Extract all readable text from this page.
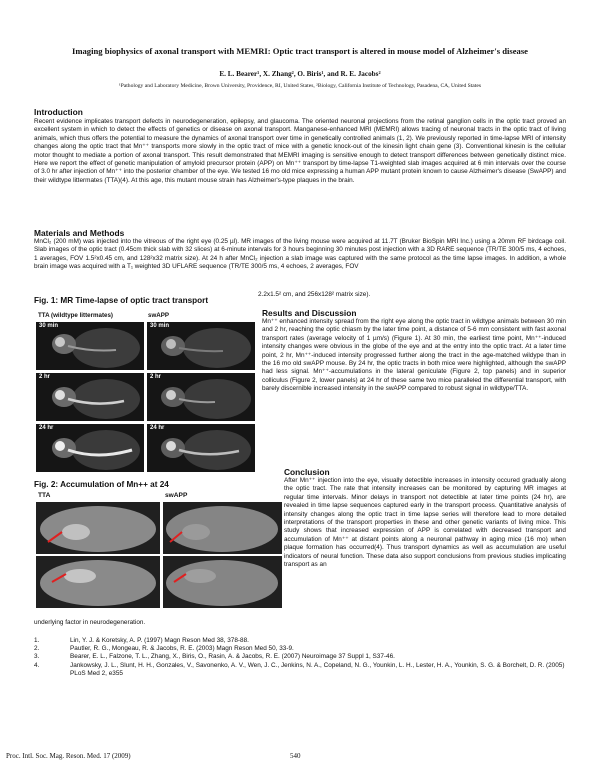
Imaging biophysics of axonal transport with MEMRI: Optic tract transport is altered in mouse model of Alzheimer's disease
E. L. Bearer¹, X. Zhang², O. Biris¹, and R. E. Jacobs²
¹Pathology and Laboratory Medicine, Brown University, Providence, RI, United States, ²Biology, California Institute of Technology, Pasadena, CA, United States
Introduction
Recent evidence implicates transport defects in neurodegeneration, epilepsy, and glaucoma. The oriented neuronal projections from the retinal ganglion cells in the optic tract proved an excellent system in which to detect the effects of genetics or disease on axonal transport. Manganese-enhanced MRI (MEMRI) allows tracing of neuronal tracts in the optic tract of living animals, which thus offers the potential to measure the dynamics of axonal transport over time in genetically controlled animals (1, 2). We previously reported in time-lapse MRI of intensity changes along the optic tract that Mn⁺⁺ transports more slowly in the optic tract of mice with a genetic knock-out of the kinesin light chain gene (3). Conventional kinesin is the cellular motor thought to mediate a portion of axonal transport. This result demonstrated that MEMRI imaging is sensitive enough to detect transport differences between genetically distinct mice. Here we report the effect of genetic manipulation of amyloid precursor protein (APP) on Mn⁺⁺ transport by time-lapse T1-weighted slab images acquired at 6 min intervals over the course of 3.0 hr after injection of Mn⁺⁺ into the posterior chamber of the eye. We tested 16 mo old mice expressing a human APP mutant protein known to cause Alzheimer's disease (SwAPP) and their wildtype littermates (TTA)(4). At this age, this mutant mouse strain has Alzheimer's-type plaques in the brain.
Materials and Methods
MnCl₂ (200 mM) was injected into the vitreous of the right eye (0.25 µl). MR images of the living mouse were acquired at 11.7T (Bruker BioSpin MRI Inc.) using a 20mm RF birdcage coil. Slab images of the optic tract (0.45cm thick slab with 32 slices) at 6-minute intervals for 3 hours beginning 30 minutes post injection with a 3D RARE sequence (TR/TE 300/5 ms, 4 echoes, 1 averages, FOV 1.5²x0.45 cm, and 128²x32 matrix size). At 24 h after MnCl₂ injection a slab image was captured with the same protocol as the time lapse images. In addition, a whole brain image was acquired with a T₁ weighted 3D UFLARE sequence (TR/TE 300/5 ms, 4 echoes, 2 averages, FOV
2.2x1.5² cm, and 256x128² matrix size).
Fig. 1: MR Time-lapse of optic tract transport
TTA (wildtype littermates)	swAPP
30 min	30 min
2 hr	2 hr
24 hr	24 hr
Fig. 2: Accumulation of Mn++ at 24
TTA	swAPP
Results and Discussion
Mn⁺⁺ enhanced intensity spread from the right eye along the optic tract in wildtype animals between 30 min and 2 hr, reaching the optic chiasm by the later time point, a distance of 5-6 mm consistent with fast axonal transport rates (average velocity of 1 µm/s) (Figure 1). At 30 min, the earliest time point, Mn⁺⁺-induced intensity changes were obvious in the globe of the eye and at the entry into the optic tract. At a later time point, 2 hr, Mn⁺⁺-induced intensity progressed further along the tract in the age-matched wildype than in the 16 mo old swAPP mouse. By 24 hr, the optic tracts in both mice were highlighted, although the swAPP had less signal. Mn⁺⁺-accumulations in the lateral geniculate (Figure 2, top panels) and in superior colliculus (Figure 2, lower panels) at 24 hr of these same two mice paralleled the differential transport, with barely discernible increased intensity in the swAPP compared to robust signal in wildtype/TTA.
Conclusion
After Mn⁺⁺ injection into the eye, visually detectible increases in intensity occured gradually along the optic tract. The rate that intensity increases can be monitored by capturing MR images at regular time intervals. Minor delays in transport not detectible at later time points (24 hr), are revealed in time lapse sequences captured early in the transport process. Quantitative analysis of intensity changes along the optic tract in time lapse series will therefore lead to more detailed interpretations of the transport properties in these and other genetic variants of living mice. This study shows that increased expression of APP is correlated with decreased transport and accumulation of Mn⁺⁺ at distant points along a neuronal pathway in aging mice (16 mo) when plaque formation has occurred(4). Thus transport dynamics as well as accumulation are useful indicators of neural function. These data also support conclusions from previous studies implicating transport as an
underlying factor in neurodegeneration.
1.	Lin, Y. J. & Koretsky, A. P. (1997) Magn Reson Med 38, 378-88.
2.	Pautler, R. G., Mongeau, R. & Jacobs, R. E. (2003) Magn Reson Med 50, 33-9.
3.	Bearer, E. L., Falzone, T. L., Zhang, X., Biris, O., Rasin, A. & Jacobs, R. E. (2007) Neuroimage 37 Suppl 1, S37-46.
4.	Jankowsky, J. L., Slunt, H. H., Gonzales, V., Savonenko, A. V., Wen, J. C., Jenkins, N. A., Copeland, N. G., Younkin, L. H., Lester, H. A., Younkin, S. G. & Borchelt, D. R. (2005) PLoS Med 2, e355
Proc. Intl. Soc. Mag. Reson. Med. 17 (2009)	540
